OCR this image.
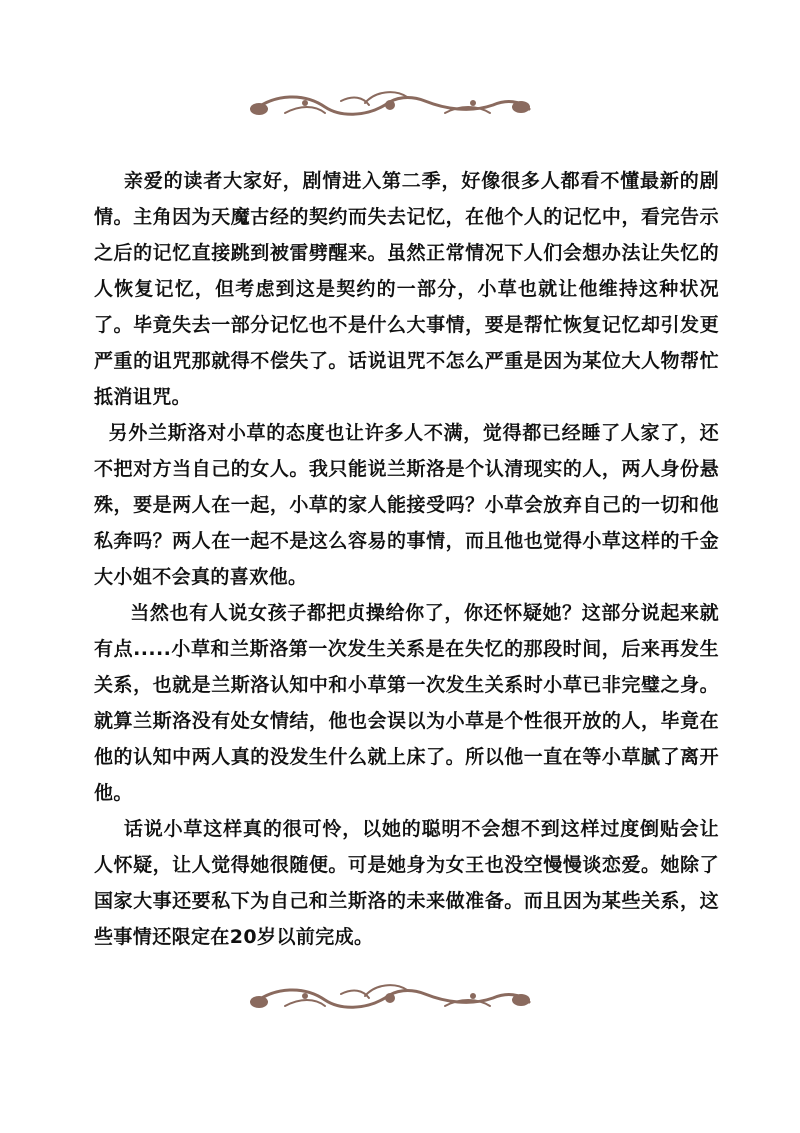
亲爱的读者大家好，剧情进入第二季，好像很多人都看不懂最新的剧情。主角因为天魔古经的契约而失去记忆，在他个人的记忆中，看完告示之后的记忆直接跳到被雷劈醒来。虽然正常情况下人们会想办法让失忆的人恢复记忆，但考虑到这是契约的一部分，小草也就让他维持这种状况了。毕竟失去一部分记忆也不是什么大事情，要是帮忙恢复记忆却引发更严重的诅咒那就得不偿失了。话说诅咒不怎么严重是因为某位大人物帮忙抵消诅咒。

另外兰斯洛对小草的态度也让许多人不满，觉得都已经睡了人家了，还不把对方当自己的女人。我只能说兰斯洛是个认清现实的人，两人身份悬殊，要是两人在一起，小草的家人能接受吗？小草会放弃自己的一切和他私奔吗？两人在一起不是这么容易的事情，而且他也觉得小草这样的千金大小姐不会真的喜欢他。

当然也有人说女孩子都把贞操给你了，你还怀疑她？这部分说起来就有点.....小草和兰斯洛第一次发生关系是在失忆的那段时间，后来再发生关系，也就是兰斯洛认知中和小草第一次发生关系时小草已非完璧之身。就算兰斯洛没有处女情结，他也会误以为小草是个性很开放的人，毕竟在他的认知中两人真的没发生什么就上床了。所以他一直在等小草腻了离开他。

话说小草这样真的很可怜，以她的聪明不会想不到这样过度倒贴会让人怀疑，让人觉得她很随便。可是她身为女王也没空慢慢谈恋爱。她除了国家大事还要私下为自己和兰斯洛的未来做准备。而且因为某些关系，这些事情还限定在20岁以前完成。
